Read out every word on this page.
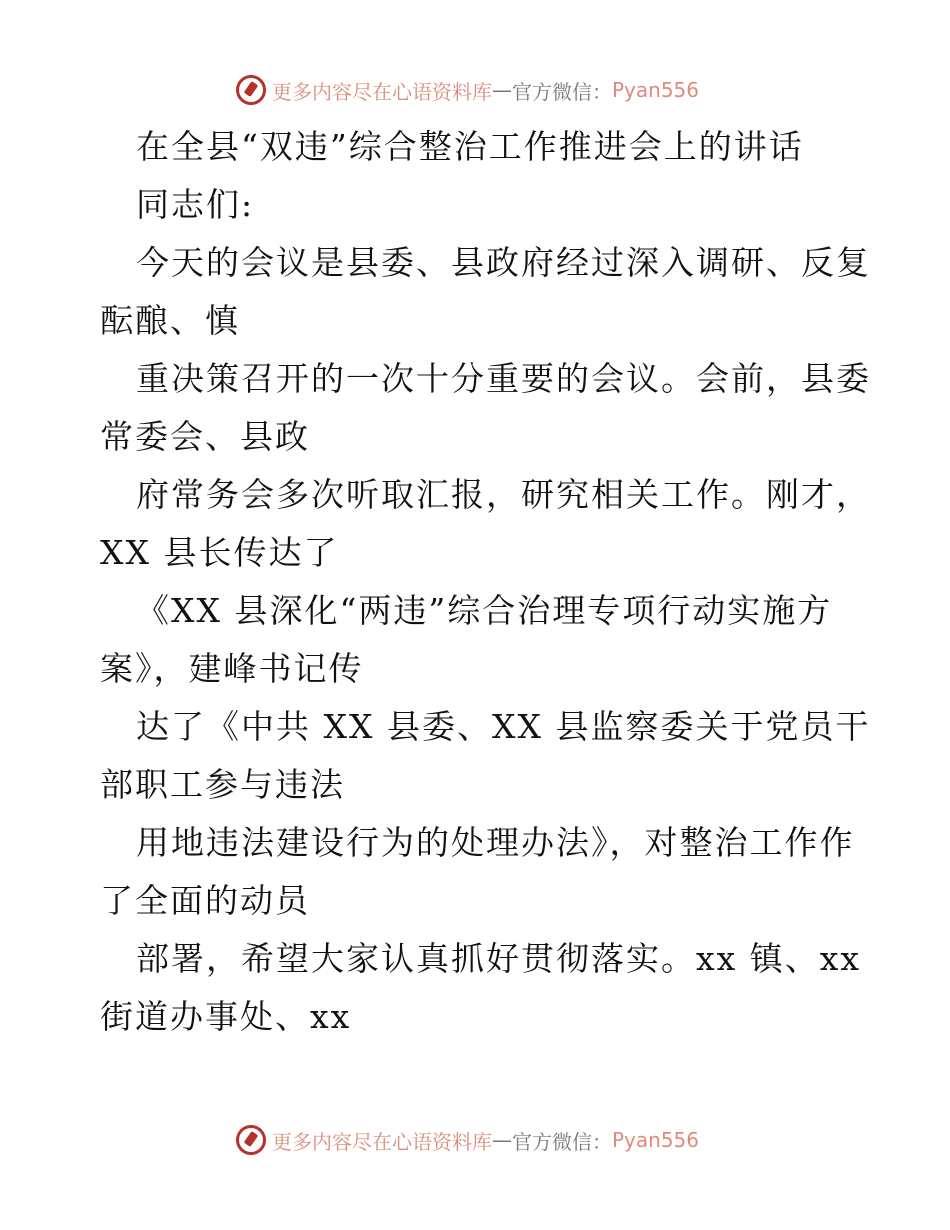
更多内容尽在心语资料库 — 官方微信： Pyan556
在全县“双违”综合整治工作推进会上的讲话
同志们:
今天的会议是县委、县政府经过深入调研、反复
酝酿、慎
重决策召开的一次十分重要的会议。会前，县委
常委会、县政
府常务会多次听取汇报，研究相关工作。刚才，
XX 县长传达了
《XX 县深化“两违”综合治理专项行动实施方
案》，建峰书记传
达了《中共 XX 县委、XX 县监察委关于党员干
部职工参与违法
用地违法建设行为的处理办法》，对整治工作作
了全面的动员
部署，希望大家认真抓好贯彻落实。xx 镇、xx
街道办事处、xx
更多内容尽在心语资料库 — 官方微信： Pyan556
